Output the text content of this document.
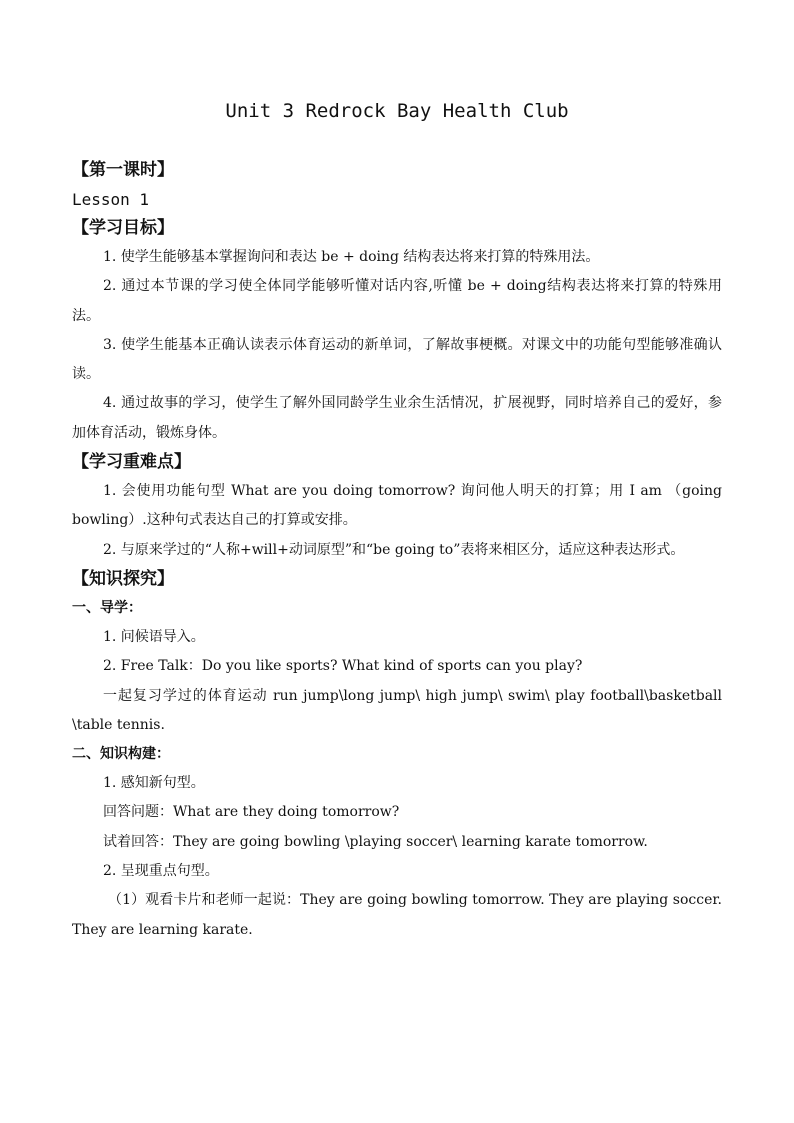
Unit 3 Redrock Bay Health Club

【第一课时】

Lesson 1

【学习目标】

1. 使学生能够基本掌握询问和表达 be + doing 结构表达将来打算的特殊用法。

2. 通过本节课的学习使全体同学能够听懂对话内容,听懂 be + doing结构表达将来打算的特殊用法。

3. 使学生能基本正确认读表示体育运动的新单词，了解故事梗概。对课文中的功能句型能够准确认读。

4. 通过故事的学习，使学生了解外国同龄学生业余生活情况，扩展视野，同时培养自己的爱好，参加体育活动，锻炼身体。

【学习重难点】

1. 会使用功能句型 What are you doing tomorrow? 询问他人明天的打算；用 I am （going bowling）.这种句式表达自己的打算或安排。

2. 与原来学过的“人称+will+动词原型”和“be going to”表将来相区分，适应这种表达形式。

【知识探究】

一、导学：

1. 问候语导入。

2. Free Talk：Do you like sports? What kind of sports can you play?

一起复习学过的体育运动 run jump\long jump\ high jump\ swim\ play football\basketball \table tennis.

二、知识构建：

1. 感知新句型。

回答问题：What are they doing tomorrow?

试着回答：They are going bowling \playing soccer\ learning karate tomorrow.

2. 呈现重点句型。

（1）观看卡片和老师一起说：They are going bowling tomorrow. They are playing soccer. They are learning karate.
